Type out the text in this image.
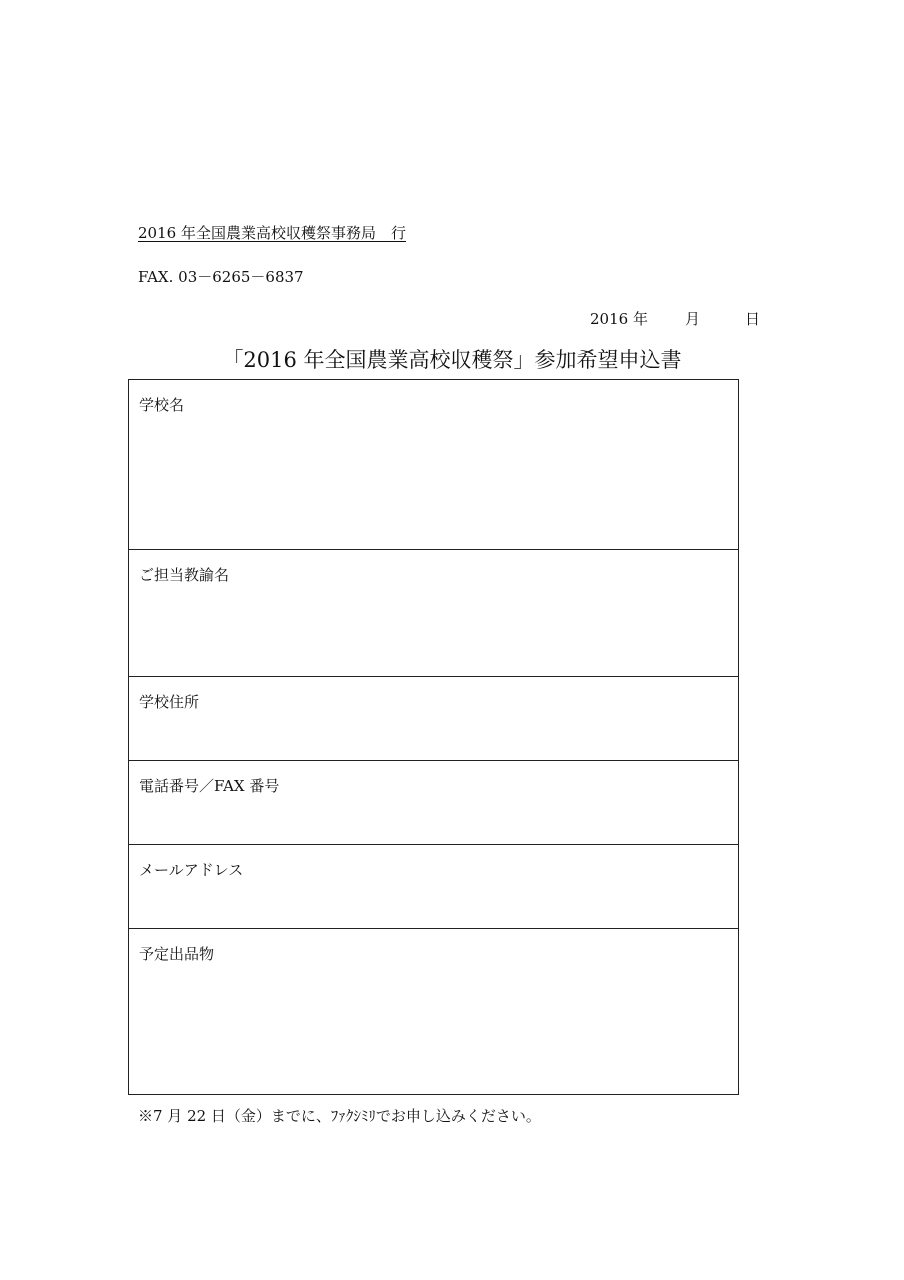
2016 年全国農業高校収穫祭事務局　行
FAX. 03－6265－6837
2016 年 月	日
「2016 年全国農業高校収穫祭」参加希望申込書
学校名
ご担当教諭名
学校住所
電話番号／FAX 番号
メールアドレス
予定出品物
※7 月 22 日（金）までに、ﾌｧｸｼﾐﾘでお申し込みください。
